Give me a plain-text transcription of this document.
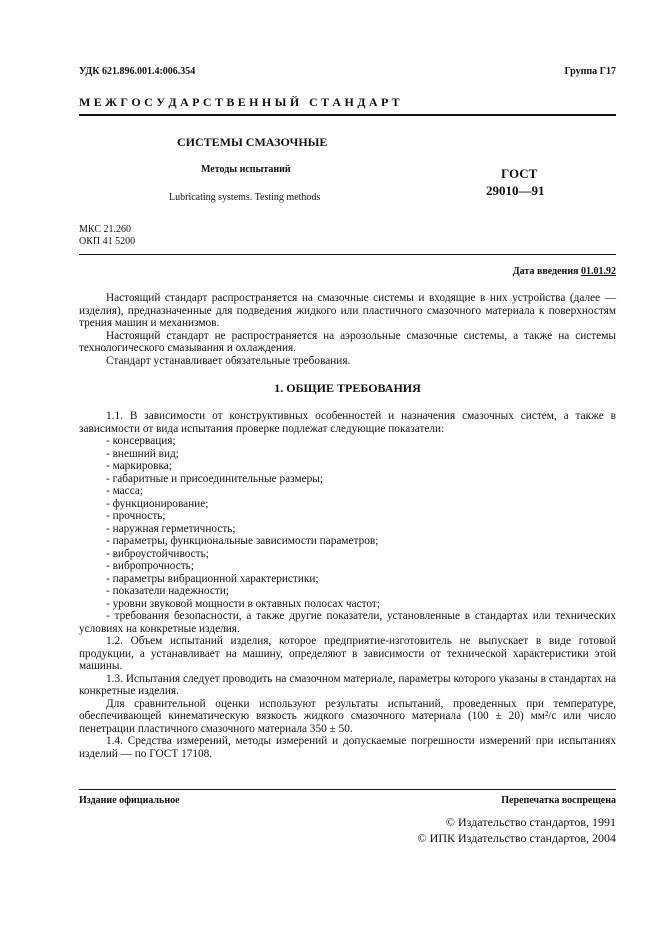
УДК 621.896.001.4:006.354	Группа Г17
М Е Ж Г О С У Д А Р С Т В Е Н Н Ы Й   С Т А Н Д А Р Т
СИСТЕМЫ СМАЗОЧНЫЕ
Методы испытаний
Lubricating systems. Testing methods
ГОСТ
29010—91
МКС 21.260
ОКП 41 5200
Дата введения 01.01.92

Настоящий стандарт распространяется на смазочные системы и входящие в них устройства (далее — изделия), предназначенные для подведения жидкого или пластичного смазочного материала к поверхностям трения машин и механизмов.

Настоящий стандарт не распространяется на аэрозольные смазочные системы, а также на системы технологического смазывания и охлаждения.

Стандарт устанавливает обязательные требования.

1. ОБЩИЕ ТРЕБОВАНИЯ

1.1. В зависимости от конструктивных особенностей и назначения смазочных систем, а также в зависимости от вида испытания проверке подлежат следующие показатели:

- консервация;
- внешний вид;
- маркировка;
- габаритные и присоединительные размеры;
- масса;
- функционирование;
- прочность;
- наружная герметичность;
- параметры, функциональные зависимости параметров;
- виброустойчивость;
- вибропрочность;
- параметры вибрационной характеристики;
- показатели надежности;
- уровни звуковой мощности в октавных полосах частот;
- требования безопасности, а также другие показатели, установленные в стандартах или технических условиях на конкретные изделия.

1.2. Объем испытаний изделия, которое предприятие-изготовитель не выпускает в виде готовой продукции, а устанавливает на машину, определяют в зависимости от технической характеристики этой машины.

1.3. Испытания следует проводить на смазочном материале, параметры которого указаны в стандартах на конкретные изделия.

Для сравнительной оценки используют результаты испытаний, проведенных при температуре, обеспечивающей кинематическую вязкость жидкого смазочного материала (100 ± 20) мм²/с или число пенетрации пластичного смазочного материала 350 ± 50.

1.4. Средства измерений, методы измерений и допускаемые погрешности измерений при испытаниях изделий — по ГОСТ 17108.

Издание официальное	Перепечатка воспрещена
© Издательство стандартов, 1991
© ИПК Издательство стандартов, 2004
